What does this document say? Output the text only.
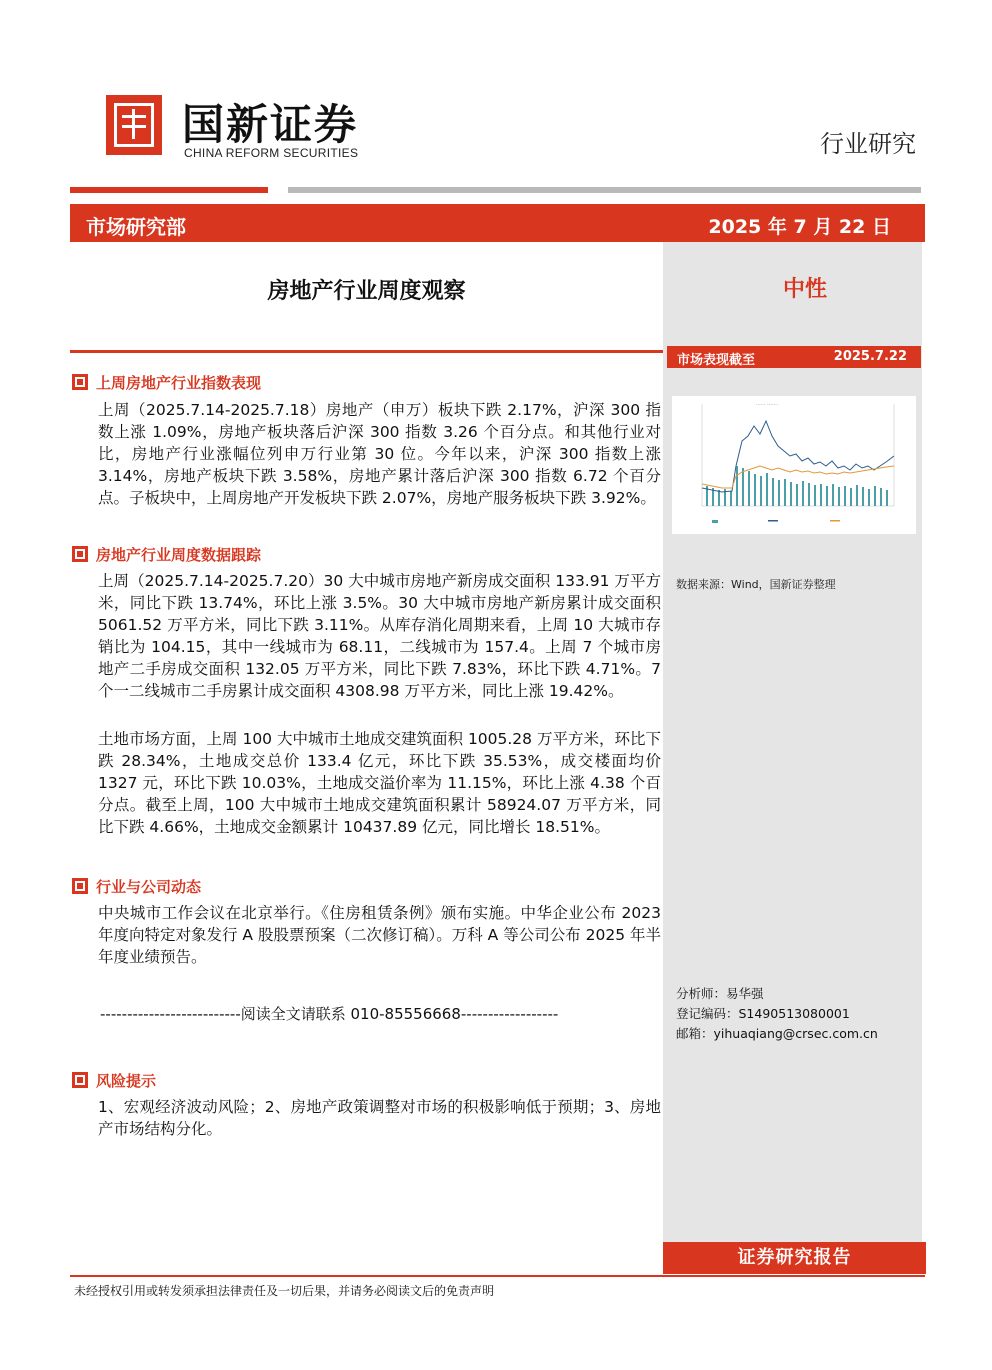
国新证券
CHINA REFORM SECURITIES	行业研究
市场研究部	2025 年 7 月 22 日
中性
市场表现截至	2025.7.22
······ ·······
数据来源：Wind，国新证券整理
分析师：易华强
登记编码：S1490513080001
邮箱：yihuaqiang@crsec.com.cn
房地产行业周度观察
上周房地产行业指数表现
上周（2025.7.14-2025.7.18）房地产（申万）板块下跌 2.17%，沪深 300 指数上涨 1.09%，房地产板块落后沪深 300 指数 3.26 个百分点。和其他行业对比，房地产行业涨幅位列申万行业第 30 位。今年以来，沪深 300 指数上涨 3.14%，房地产板块下跌 3.58%，房地产累计落后沪深 300 指数 6.72 个百分点。子板块中，上周房地产开发板块下跌 2.07%，房地产服务板块下跌 3.92%。
房地产行业周度数据跟踪
上周（2025.7.14-2025.7.20）30 大中城市房地产新房成交面积 133.91 万平方米，同比下跌 13.74%，环比上涨 3.5%。30 大中城市房地产新房累计成交面积 5061.52 万平方米，同比下跌 3.11%。从库存消化周期来看，上周 10 大城市存销比为 104.15，其中一线城市为 68.11，二线城市为 157.4。上周 7 个城市房地产二手房成交面积 132.05 万平方米，同比下跌 7.83%，环比下跌 4.71%。7 个一二线城市二手房累计成交面积 4308.98 万平方米，同比上涨 19.42%。
土地市场方面，上周 100 大中城市土地成交建筑面积 1005.28 万平方米，环比下跌 28.34%，土地成交总价 133.4 亿元，环比下跌 35.53%，成交楼面均价 1327 元，环比下跌 10.03%，土地成交溢价率为 11.15%，环比上涨 4.38 个百分点。截至上周，100 大中城市土地成交建筑面积累计 58924.07 万平方米，同比下跌 4.66%，土地成交金额累计 10437.89 亿元，同比增长 18.51%。
行业与公司动态
中央城市工作会议在北京举行。《住房租赁条例》颁布实施。中华企业公布 2023 年度向特定对象发行 A 股股票预案（二次修订稿）。万科 A 等公司公布 2025 年半年度业绩预告。
--------------------------阅读全文请联系 010-85556668------------------
风险提示
1、宏观经济波动风险；2、房地产政策调整对市场的积极影响低于预期；3、房地产市场结构分化。
证券研究报告
未经授权引用或转发须承担法律责任及一切后果，并请务必阅读文后的免责声明
